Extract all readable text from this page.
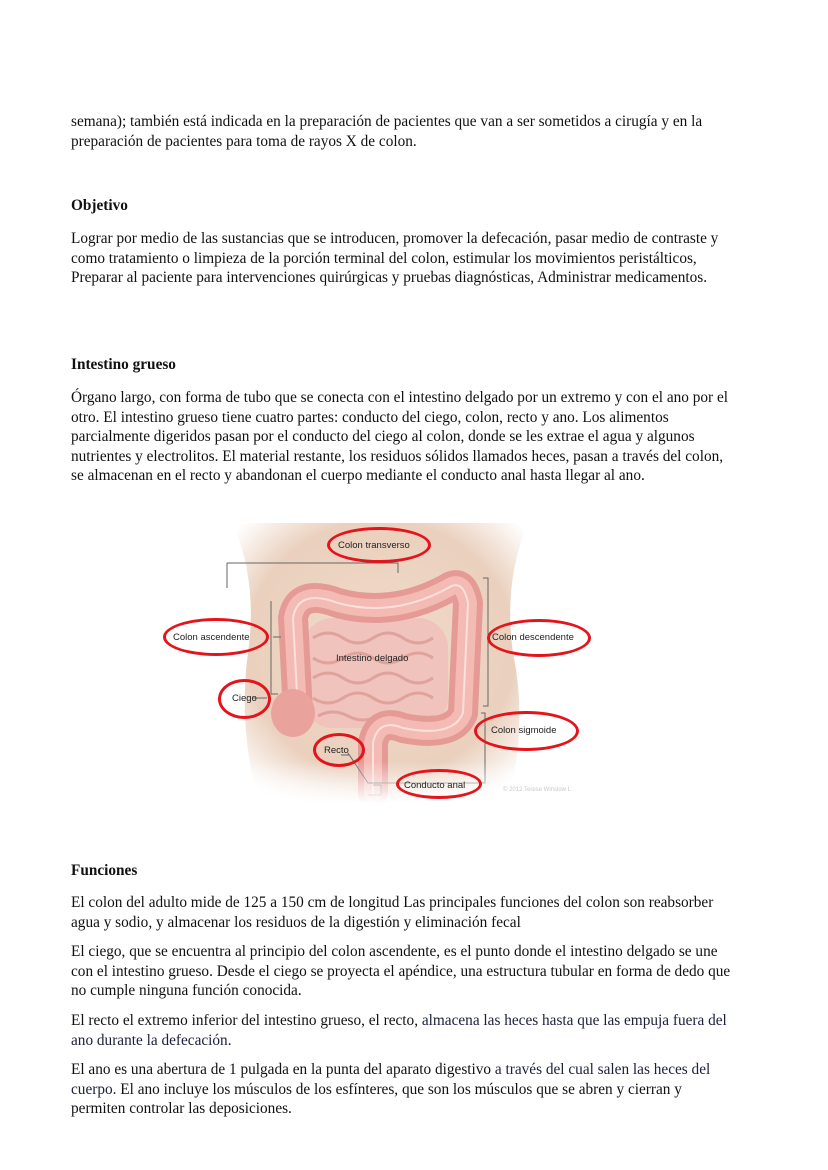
semana); también está indicada en la preparación de pacientes que van a ser sometidos a cirugía y en la preparación de pacientes para toma de rayos X de colon.

Objetivo

Lograr por medio de las sustancias que se introducen, promover la defecación, pasar medio de contraste y como tratamiento o limpieza de la porción terminal del colon, estimular los movimientos peristálticos, Preparar al paciente para intervenciones quirúrgicas y pruebas diagnósticas, Administrar medicamentos.

Intestino grueso

Órgano largo, con forma de tubo que se conecta con el intestino delgado por un extremo y con el ano por el otro. El intestino grueso tiene cuatro partes: conducto del ciego, colon, recto y ano. Los alimentos parcialmente digeridos pasan por el conducto del ciego al colon, donde se les extrae el agua y algunos nutrientes y electrolitos. El material restante, los residuos sólidos llamados heces, pasan a través del colon, se almacenan en el recto y abandonan el cuerpo mediante el conducto anal hasta llegar al ano.

Funciones

El colon del adulto mide de 125 a 150 cm de longitud Las principales funciones del colon son reabsorber agua y sodio, y almacenar los residuos de la digestión y eliminación fecal

El ciego, que se encuentra al principio del colon ascendente, es el punto donde el intestino delgado se une con el intestino grueso. Desde el ciego se proyecta el apéndice, una estructura tubular en forma de dedo que no cumple ninguna función conocida.

El recto el extremo inferior del intestino grueso, el recto, almacena las heces hasta que las empuja fuera del ano durante la defecación.

El ano es una abertura de 1 pulgada en la punta del aparato digestivo a través del cual salen las heces del cuerpo. El ano incluye los músculos de los esfínteres, que son los músculos que se abren y cierran y permiten controlar las deposiciones.

Colon transverso
Colon ascendente	Colon descendente
Intestino delgado
Ciego
Colon sigmoide
Recto
Conducto anal	© 2012 Terese Winslow L
